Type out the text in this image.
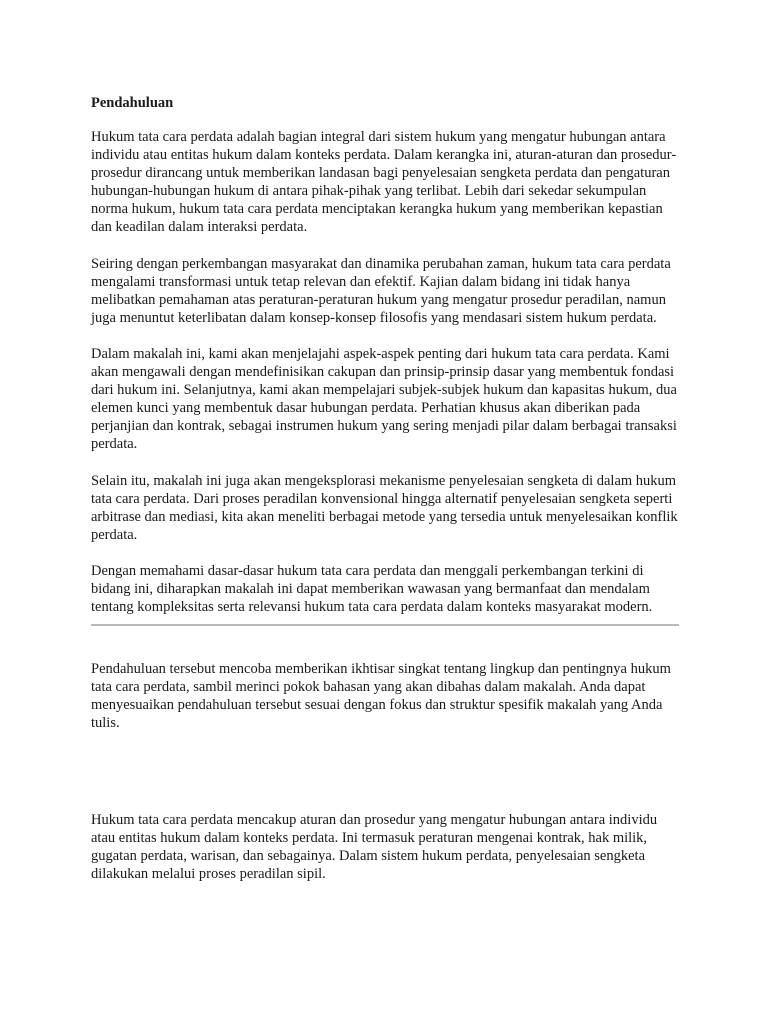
Pendahuluan

Hukum tata cara perdata adalah bagian integral dari sistem hukum yang mengatur hubungan antara individu atau entitas hukum dalam konteks perdata. Dalam kerangka ini, aturan-aturan dan prosedur-prosedur dirancang untuk memberikan landasan bagi penyelesaian sengketa perdata dan pengaturan hubungan-hubungan hukum di antara pihak-pihak yang terlibat. Lebih dari sekedar sekumpulan norma hukum, hukum tata cara perdata menciptakan kerangka hukum yang memberikan kepastian dan keadilan dalam interaksi perdata.

Seiring dengan perkembangan masyarakat dan dinamika perubahan zaman, hukum tata cara perdata mengalami transformasi untuk tetap relevan dan efektif. Kajian dalam bidang ini tidak hanya melibatkan pemahaman atas peraturan-peraturan hukum yang mengatur prosedur peradilan, namun juga menuntut keterlibatan dalam konsep-konsep filosofis yang mendasari sistem hukum perdata.

Dalam makalah ini, kami akan menjelajahi aspek-aspek penting dari hukum tata cara perdata. Kami akan mengawali dengan mendefinisikan cakupan dan prinsip-prinsip dasar yang membentuk fondasi dari hukum ini. Selanjutnya, kami akan mempelajari subjek-subjek hukum dan kapasitas hukum, dua elemen kunci yang membentuk dasar hubungan perdata. Perhatian khusus akan diberikan pada perjanjian dan kontrak, sebagai instrumen hukum yang sering menjadi pilar dalam berbagai transaksi perdata.

Selain itu, makalah ini juga akan mengeksplorasi mekanisme penyelesaian sengketa di dalam hukum tata cara perdata. Dari proses peradilan konvensional hingga alternatif penyelesaian sengketa seperti arbitrase dan mediasi, kita akan meneliti berbagai metode yang tersedia untuk menyelesaikan konflik perdata.

Dengan memahami dasar-dasar hukum tata cara perdata dan menggali perkembangan terkini di bidang ini, diharapkan makalah ini dapat memberikan wawasan yang bermanfaat dan mendalam tentang kompleksitas serta relevansi hukum tata cara perdata dalam konteks masyarakat modern.

Pendahuluan tersebut mencoba memberikan ikhtisar singkat tentang lingkup dan pentingnya hukum tata cara perdata, sambil merinci pokok bahasan yang akan dibahas dalam makalah. Anda dapat menyesuaikan pendahuluan tersebut sesuai dengan fokus dan struktur spesifik makalah yang Anda tulis.

Hukum tata cara perdata mencakup aturan dan prosedur yang mengatur hubungan antara individu atau entitas hukum dalam konteks perdata. Ini termasuk peraturan mengenai kontrak, hak milik, gugatan perdata, warisan, dan sebagainya. Dalam sistem hukum perdata, penyelesaian sengketa dilakukan melalui proses peradilan sipil.
